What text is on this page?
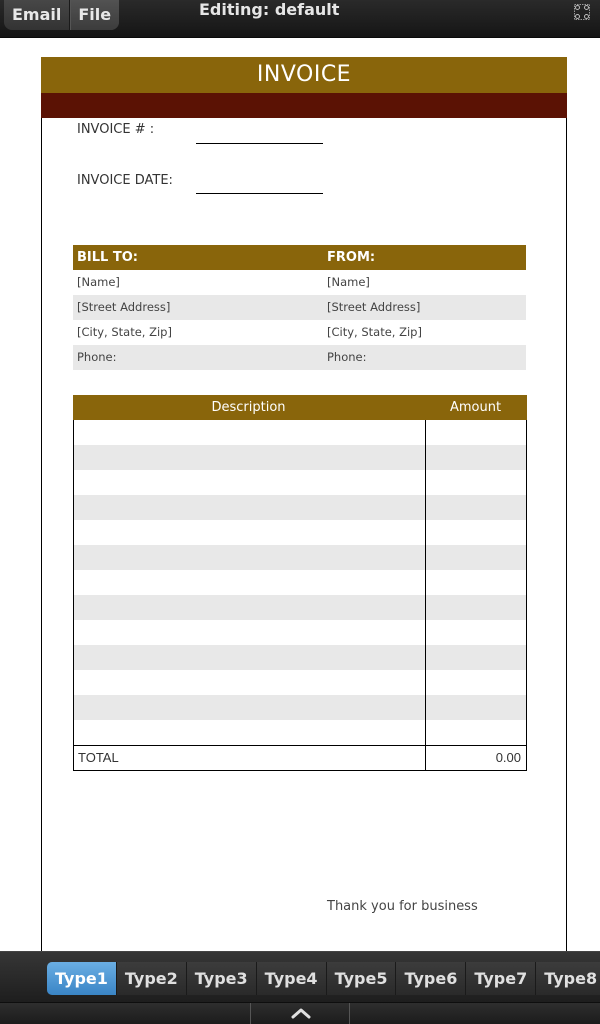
Email	File	Editing: default
INVOICE
INVOICE # :
INVOICE DATE:
BILL TO:	FROM:
[Name]	[Name]
[Street Address]	[Street Address]
[City, State, Zip]	[City, State, Zip]
Phone:	Phone:
Description	Amount
TOTAL	0.00
Thank you for business
Type1	Type2	Type3	Type4	Type5	Type6	Type7	Type8
